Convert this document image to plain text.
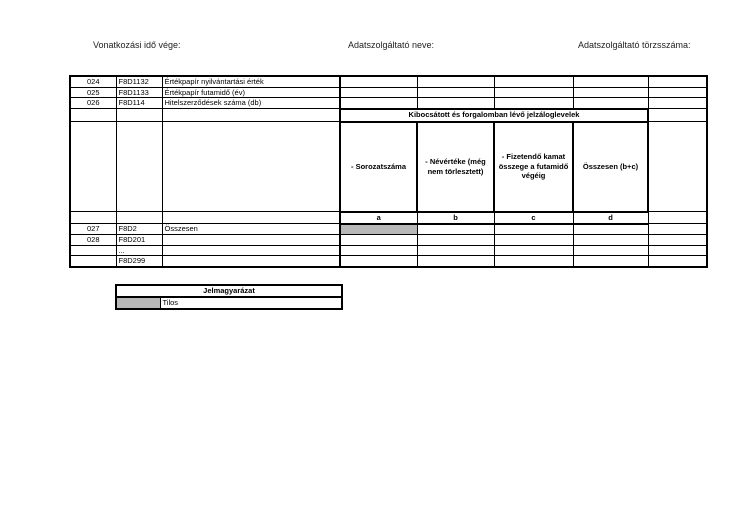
Vonatkozási idő vége:	Adatszolgáltató neve:	Adatszolgáltató törzsszáma:
024	F8D1132	Értékpapír nyilvántartási érték					
025	F8D1133	Értékpapír futamidő (év)					
026	F8D114	Hitelszerződések száma (db)					
			Kibocsátott és forgalomban lévő jelzáloglevelek				
			- Sorozatszáma	- Névértéke (még nem törlesztett)	- Fizetendő kamat összege a futamidő végéig	Összesen (b+c)	
			a	b	c	d	
027	F8D2	Összesen					
028	F8D201						
	...						
	F8D299						
Jelmagyarázat
	Tilos
